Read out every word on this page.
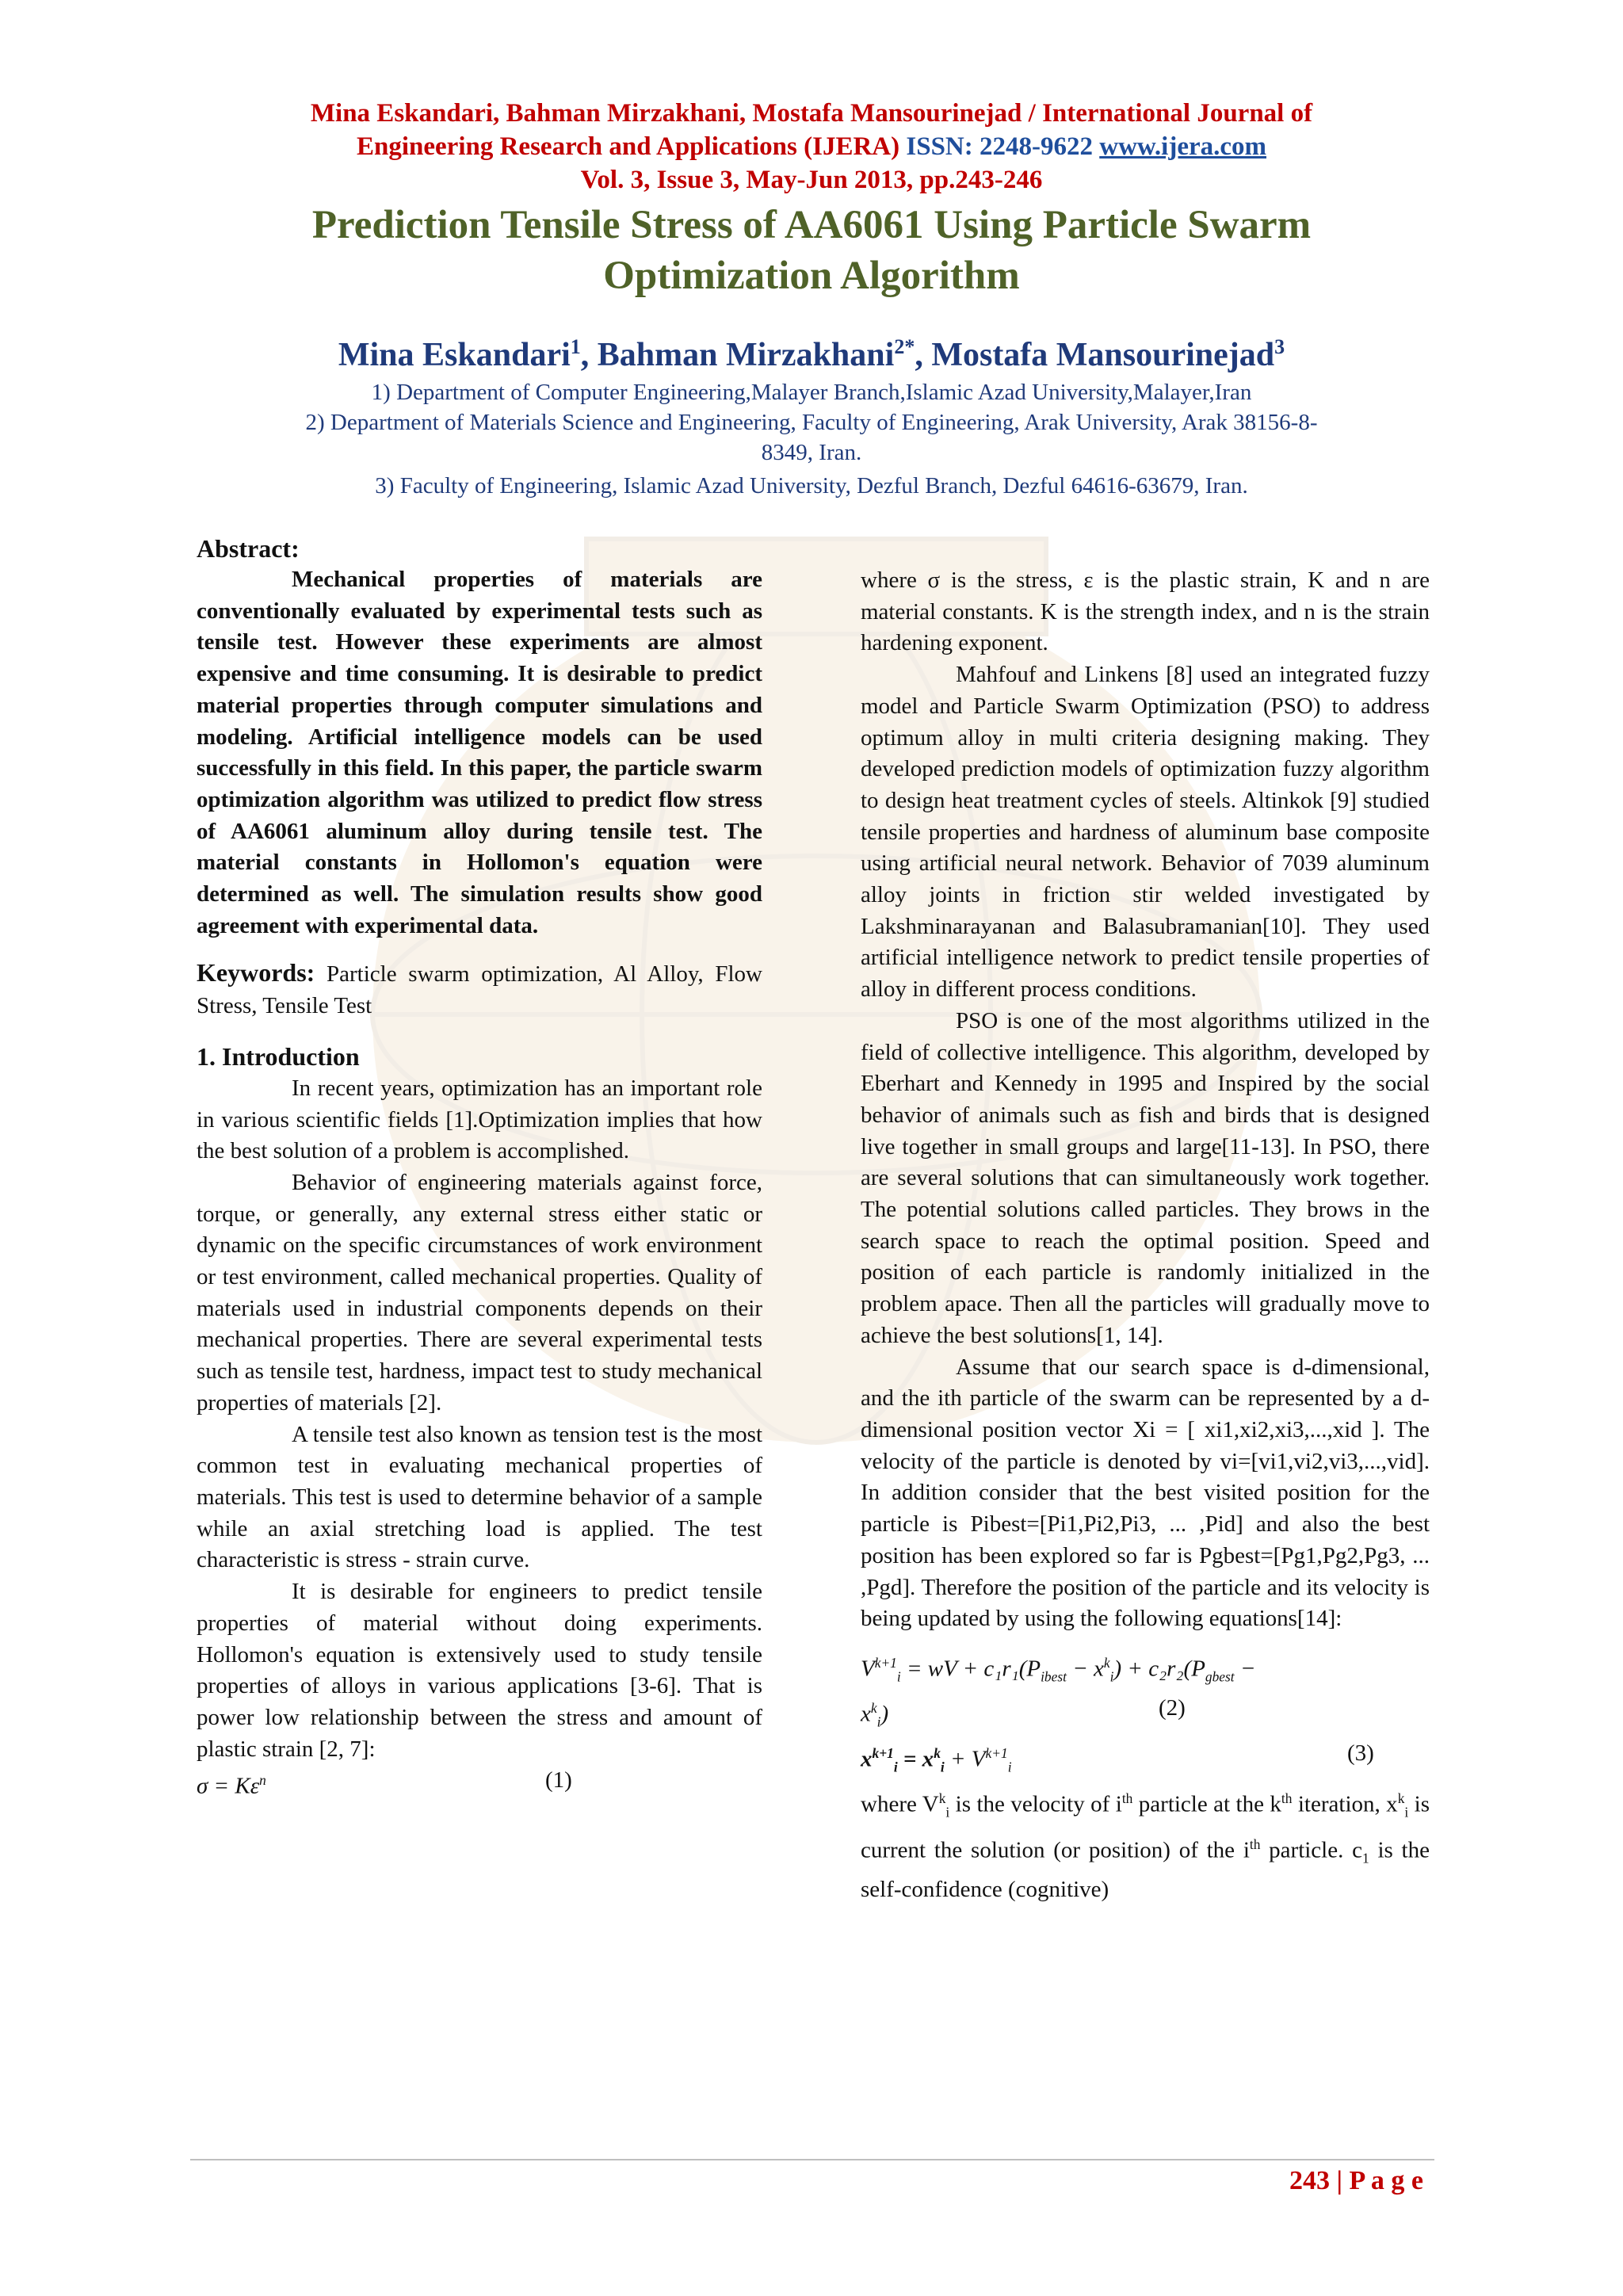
Mina Eskandari, Bahman Mirzakhani, Mostafa Mansourinejad / International Journal of
Engineering Research and Applications (IJERA) ISSN: 2248-9622 www.ijera.com
Vol. 3, Issue 3, May-Jun 2013, pp.243-246
Prediction Tensile Stress of AA6061 Using Particle Swarm
Optimization Algorithm
Mina Eskandari$^1$, Bahman Mirzakhani$^{2*}$, Mostafa Mansourinejad$^3$
1) Department of Computer Engineering,Malayer Branch,Islamic Azad University,Malayer,Iran
2) Department of Materials Science and Engineering, Faculty of Engineering, Arak University, Arak 38156-8-
8349, Iran.
3) Faculty of Engineering, Islamic Azad University, Dezful Branch, Dezful 64616-63679, Iran.

Abstract:

Mechanical properties of materials are conventionally evaluated by experimental tests such as tensile test. However these experiments are almost expensive and time consuming. It is desirable to predict material properties through computer simulations and modeling. Artificial intelligence models can be used successfully in this field. In this paper, the particle swarm optimization algorithm was utilized to predict flow stress of AA6061 aluminum alloy during tensile test. The material constants in Hollomon's equation were determined as well. The simulation results show good agreement with experimental data.

Keywords: Particle swarm optimization, Al Alloy, Flow Stress, Tensile Test

1. Introduction

In recent years, optimization has an important role in various scientific fields [1].Optimization implies that how the best solution of a problem is accomplished.

Behavior of engineering materials against force, torque, or generally, any external stress either static or dynamic on the specific circumstances of work environment or test environment, called mechanical properties. Quality of materials used in industrial components depends on their mechanical properties. There are several experimental tests such as tensile test, hardness, impact test to study mechanical properties of materials [2].

A tensile test also known as tension test is the most common test in evaluating mechanical properties of materials. This test is used to determine behavior of a sample while an axial stretching load is applied. The test characteristic is stress - strain curve.

It is desirable for engineers to predict tensile properties of material without doing experiments. Hollomon's equation is extensively used to study tensile properties of alloys in various applications [3-6]. That is power low relationship between the stress and amount of plastic strain [2, 7]:

$\sigma = K\varepsilon^n$	(1)

where σ is the stress, ε is the plastic strain, K and n are material constants. K is the strength index, and n is the strain hardening exponent.

Mahfouf and Linkens [8] used an integrated fuzzy model and Particle Swarm Optimization (PSO) to address optimum alloy in multi criteria designing making. They developed prediction models of optimization fuzzy algorithm to design heat treatment cycles of steels. Altinkok [9] studied tensile properties and hardness of aluminum base composite using artificial neural network. Behavior of 7039 aluminum alloy joints in friction stir welded investigated by Lakshminarayanan and Balasubramanian[10]. They used artificial intelligence network to predict tensile properties of alloy in different process conditions.

PSO is one of the most algorithms utilized in the field of collective intelligence. This algorithm, developed by Eberhart and Kennedy in 1995 and Inspired by the social behavior of animals such as fish and birds that is designed live together in small groups and large[11-13]. In PSO, there are several solutions that can simultaneously work together. The potential solutions called particles. They brows in the search space to reach the optimal position. Speed and position of each particle is randomly initialized in the problem apace. Then all the particles will gradually move to achieve the best solutions[1, 14].

Assume that our search space is d-dimensional, and the ith particle of the swarm can be represented by a d-dimensional position vector Xi = [ xi1,xi2,xi3,...,xid ]. The velocity of the particle is denoted by vi=[vi1,vi2,vi3,...,vid]. In addition consider that the best visited position for the particle is Pibest=[Pi1,Pi2,Pi3, ... ,Pid] and also the best position has been explored so far is Pgbest=[Pg1,Pg2,Pg3, ... ,Pgd]. Therefore the position of the particle and its velocity is being updated by using the following equations[14]:

$V^{k+1}_i$ = wV + $c_1r_1(P_{ibest} - x^k_i) + c_2r_2(P_{gbest}$ −

$x^k_i$)	(2)

$x^{k+1}_i = x^k_i + V^{k+1}_i$
(3)

where $V^k_i$ is the velocity of $i^{th}$ particle at the $k^{th}$ iteration, $x^k_i$ is current the solution (or position) of the $i^{th}$ particle. $c_1$ is the self-confidence (cognitive)

243 | P a g e
